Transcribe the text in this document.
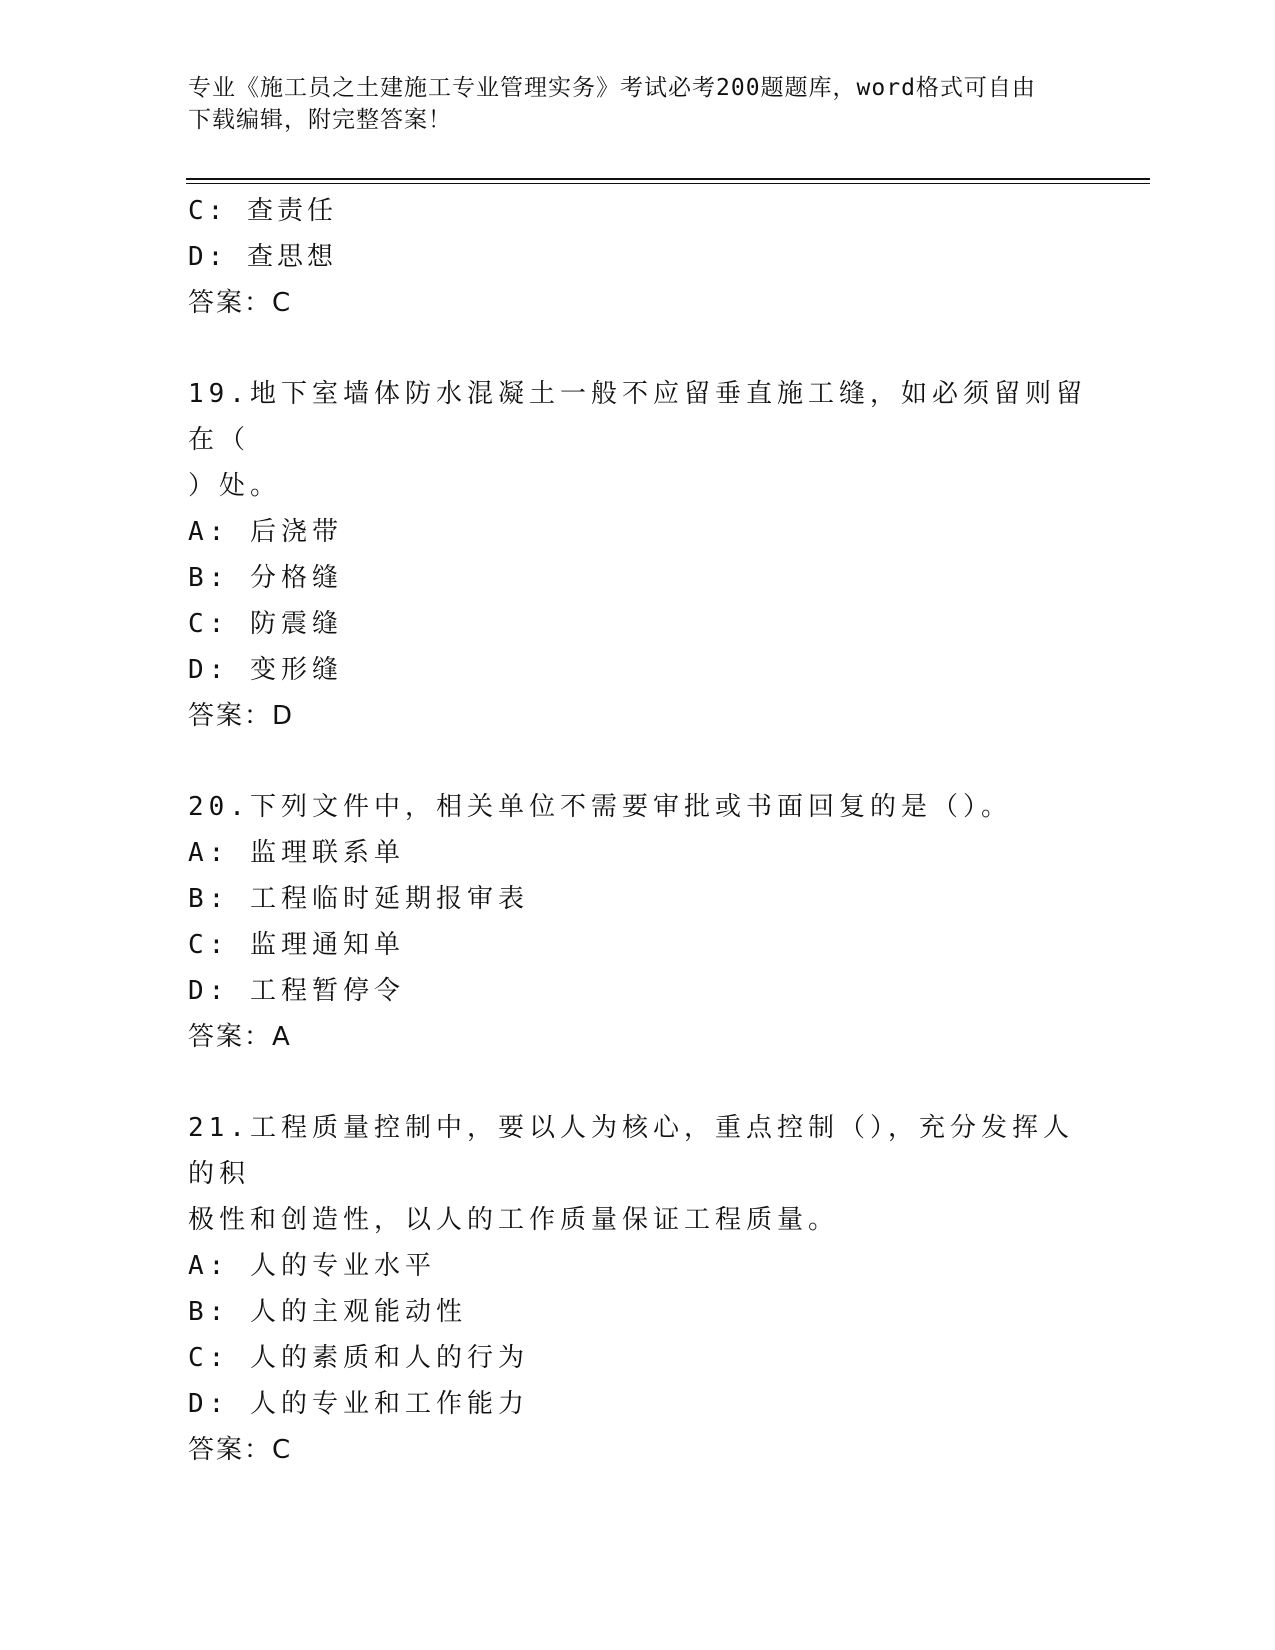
专业《施工员之土建施工专业管理实务》考试必考200题题库，word格式可自由
下载编辑，附完整答案！
C: 查责任
D: 查思想
答案：C
19.地下室墙体防水混凝土一般不应留垂直施工缝，如必须留则留在（
）处。
A: 后浇带
B: 分格缝
C: 防震缝
D: 变形缝
答案：D
20.下列文件中，相关单位不需要审批或书面回复的是（）。
A: 监理联系单
B: 工程临时延期报审表
C: 监理通知单
D: 工程暂停令
答案：A
21.工程质量控制中，要以人为核心，重点控制（），充分发挥人的积
极性和创造性，以人的工作质量保证工程质量。
A: 人的专业水平
B: 人的主观能动性
C: 人的素质和人的行为
D: 人的专业和工作能力
答案：C
